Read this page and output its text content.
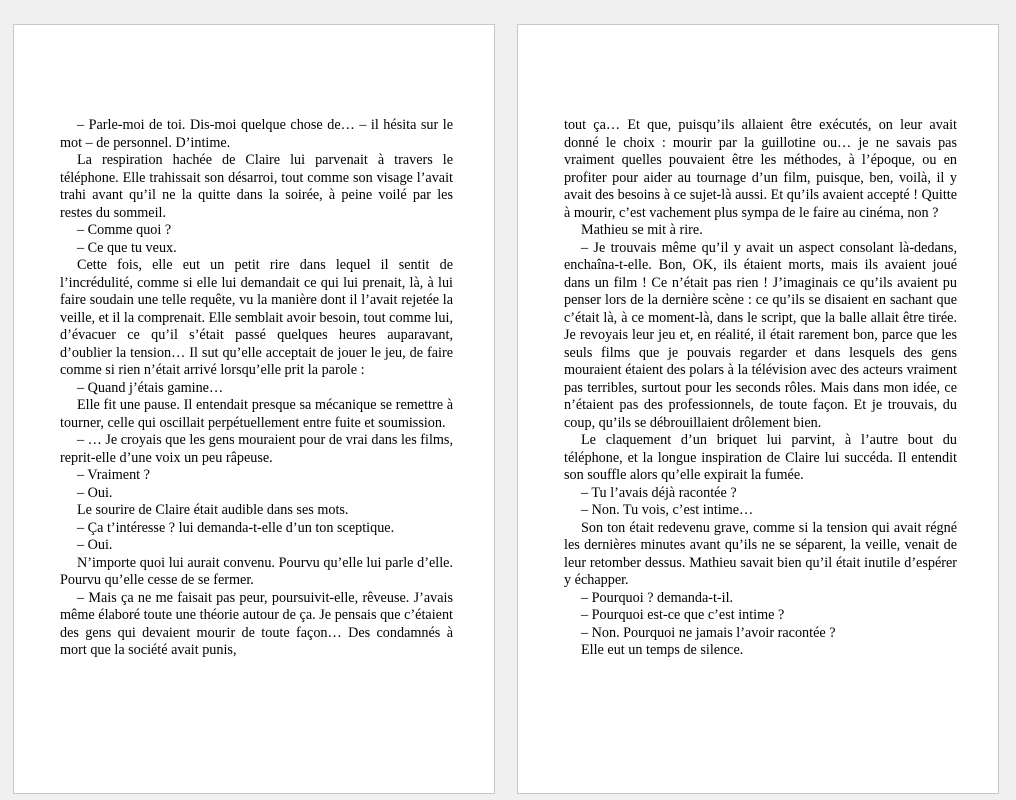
– Parle-moi de toi. Dis-moi quelque chose de… – il hésita sur le mot – de personnel. D’intime.

La respiration hachée de Claire lui parvenait à travers le téléphone. Elle trahissait son désarroi, tout comme son visage l’avait trahi avant qu’il ne la quitte dans la soirée, à peine voilé par les restes du sommeil.

– Comme quoi ?

– Ce que tu veux.

Cette fois, elle eut un petit rire dans lequel il sentit de l’incrédulité, comme si elle lui demandait ce qui lui prenait, là, à lui faire soudain une telle requête, vu la manière dont il l’avait rejetée la veille, et il la comprenait. Elle semblait avoir besoin, tout comme lui, d’évacuer ce qu’il s’était passé quelques heures auparavant, d’oublier la tension… Il sut qu’elle acceptait de jouer le jeu, de faire comme si rien n’était arrivé lorsqu’elle prit la parole :

– Quand j’étais gamine…

Elle fit une pause. Il entendait presque sa mécanique se remettre à tourner, celle qui oscillait perpétuellement entre fuite et soumission.

– … Je croyais que les gens mouraient pour de vrai dans les films, reprit-elle d’une voix un peu râpeuse.

– Vraiment ?

– Oui.

Le sourire de Claire était audible dans ses mots.

– Ça t’intéresse ? lui demanda-t-elle d’un ton sceptique.

– Oui.

N’importe quoi lui aurait convenu. Pourvu qu’elle lui parle d’elle. Pourvu qu’elle cesse de se fermer.

– Mais ça ne me faisait pas peur, poursuivit-elle, rêveuse. J’avais même élaboré toute une théorie autour de ça. Je pensais que c’étaient des gens qui devaient mourir de toute façon… Des condamnés à mort que la société avait punis,

tout ça… Et que, puisqu’ils allaient être exécutés, on leur avait donné le choix : mourir par la guillotine ou… je ne savais pas vraiment quelles pouvaient être les méthodes, à l’époque, ou en profiter pour aider au tournage d’un film, puisque, ben, voilà, il y avait des besoins à ce sujet-là aussi. Et qu’ils avaient accepté ! Quitte à mourir, c’est vachement plus sympa de le faire au cinéma, non ?

Mathieu se mit à rire.

– Je trouvais même qu’il y avait un aspect consolant là-dedans, enchaîna-t-elle. Bon, OK, ils étaient morts, mais ils avaient joué dans un film ! Ce n’était pas rien ! J’imaginais ce qu’ils avaient pu penser lors de la dernière scène : ce qu’ils se disaient en sachant que c’était là, à ce moment-là, dans le script, que la balle allait être tirée. Je revoyais leur jeu et, en réalité, il était rarement bon, parce que les seuls films que je pouvais regarder et dans lesquels des gens mouraient étaient des polars à la télévision avec des acteurs vraiment pas terribles, surtout pour les seconds rôles. Mais dans mon idée, ce n’étaient pas des professionnels, de toute façon. Et je trouvais, du coup, qu’ils se débrouillaient drôlement bien.

Le claquement d’un briquet lui parvint, à l’autre bout du téléphone, et la longue inspiration de Claire lui succéda. Il entendit son souffle alors qu’elle expirait la fumée.

– Tu l’avais déjà racontée ?

– Non. Tu vois, c’est intime…

Son ton était redevenu grave, comme si la tension qui avait régné les dernières minutes avant qu’ils ne se séparent, la veille, venait de leur retomber dessus. Mathieu savait bien qu’il était inutile d’espérer y échapper.

– Pourquoi ? demanda-t-il.

– Pourquoi est-ce que c’est intime ?

– Non. Pourquoi ne jamais l’avoir racontée ?

Elle eut un temps de silence.
